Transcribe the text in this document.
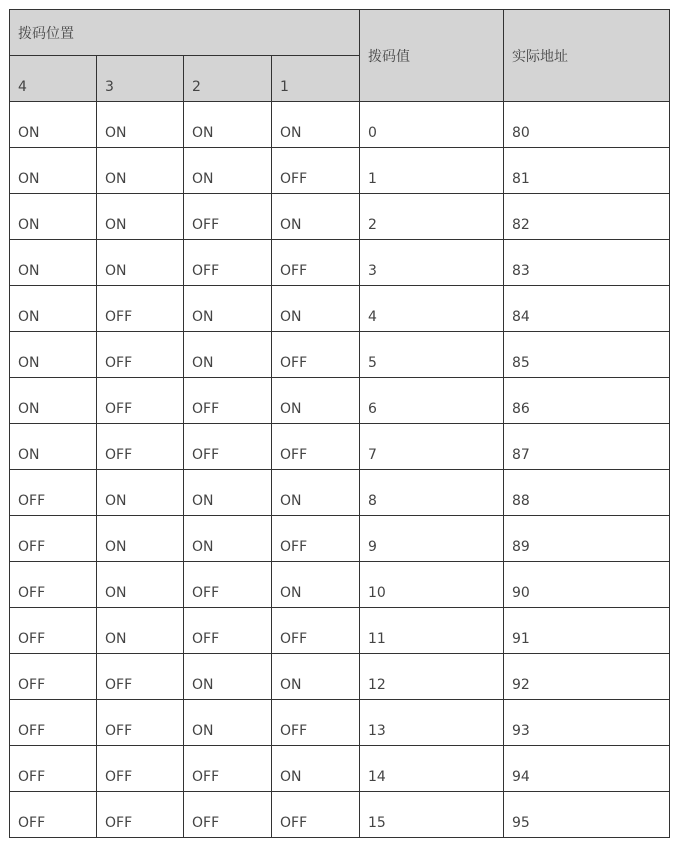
拨码位置				拨码值	实际地址
4	3	2	1		
ON	ON	ON	ON	0	80
ON	ON	ON	OFF	1	81
ON	ON	OFF	ON	2	82
ON	ON	OFF	OFF	3	83
ON	OFF	ON	ON	4	84
ON	OFF	ON	OFF	5	85
ON	OFF	OFF	ON	6	86
ON	OFF	OFF	OFF	7	87
OFF	ON	ON	ON	8	88
OFF	ON	ON	OFF	9	89
OFF	ON	OFF	ON	10	90
OFF	ON	OFF	OFF	11	91
OFF	OFF	ON	ON	12	92
OFF	OFF	ON	OFF	13	93
OFF	OFF	OFF	ON	14	94
OFF	OFF	OFF	OFF	15	95
